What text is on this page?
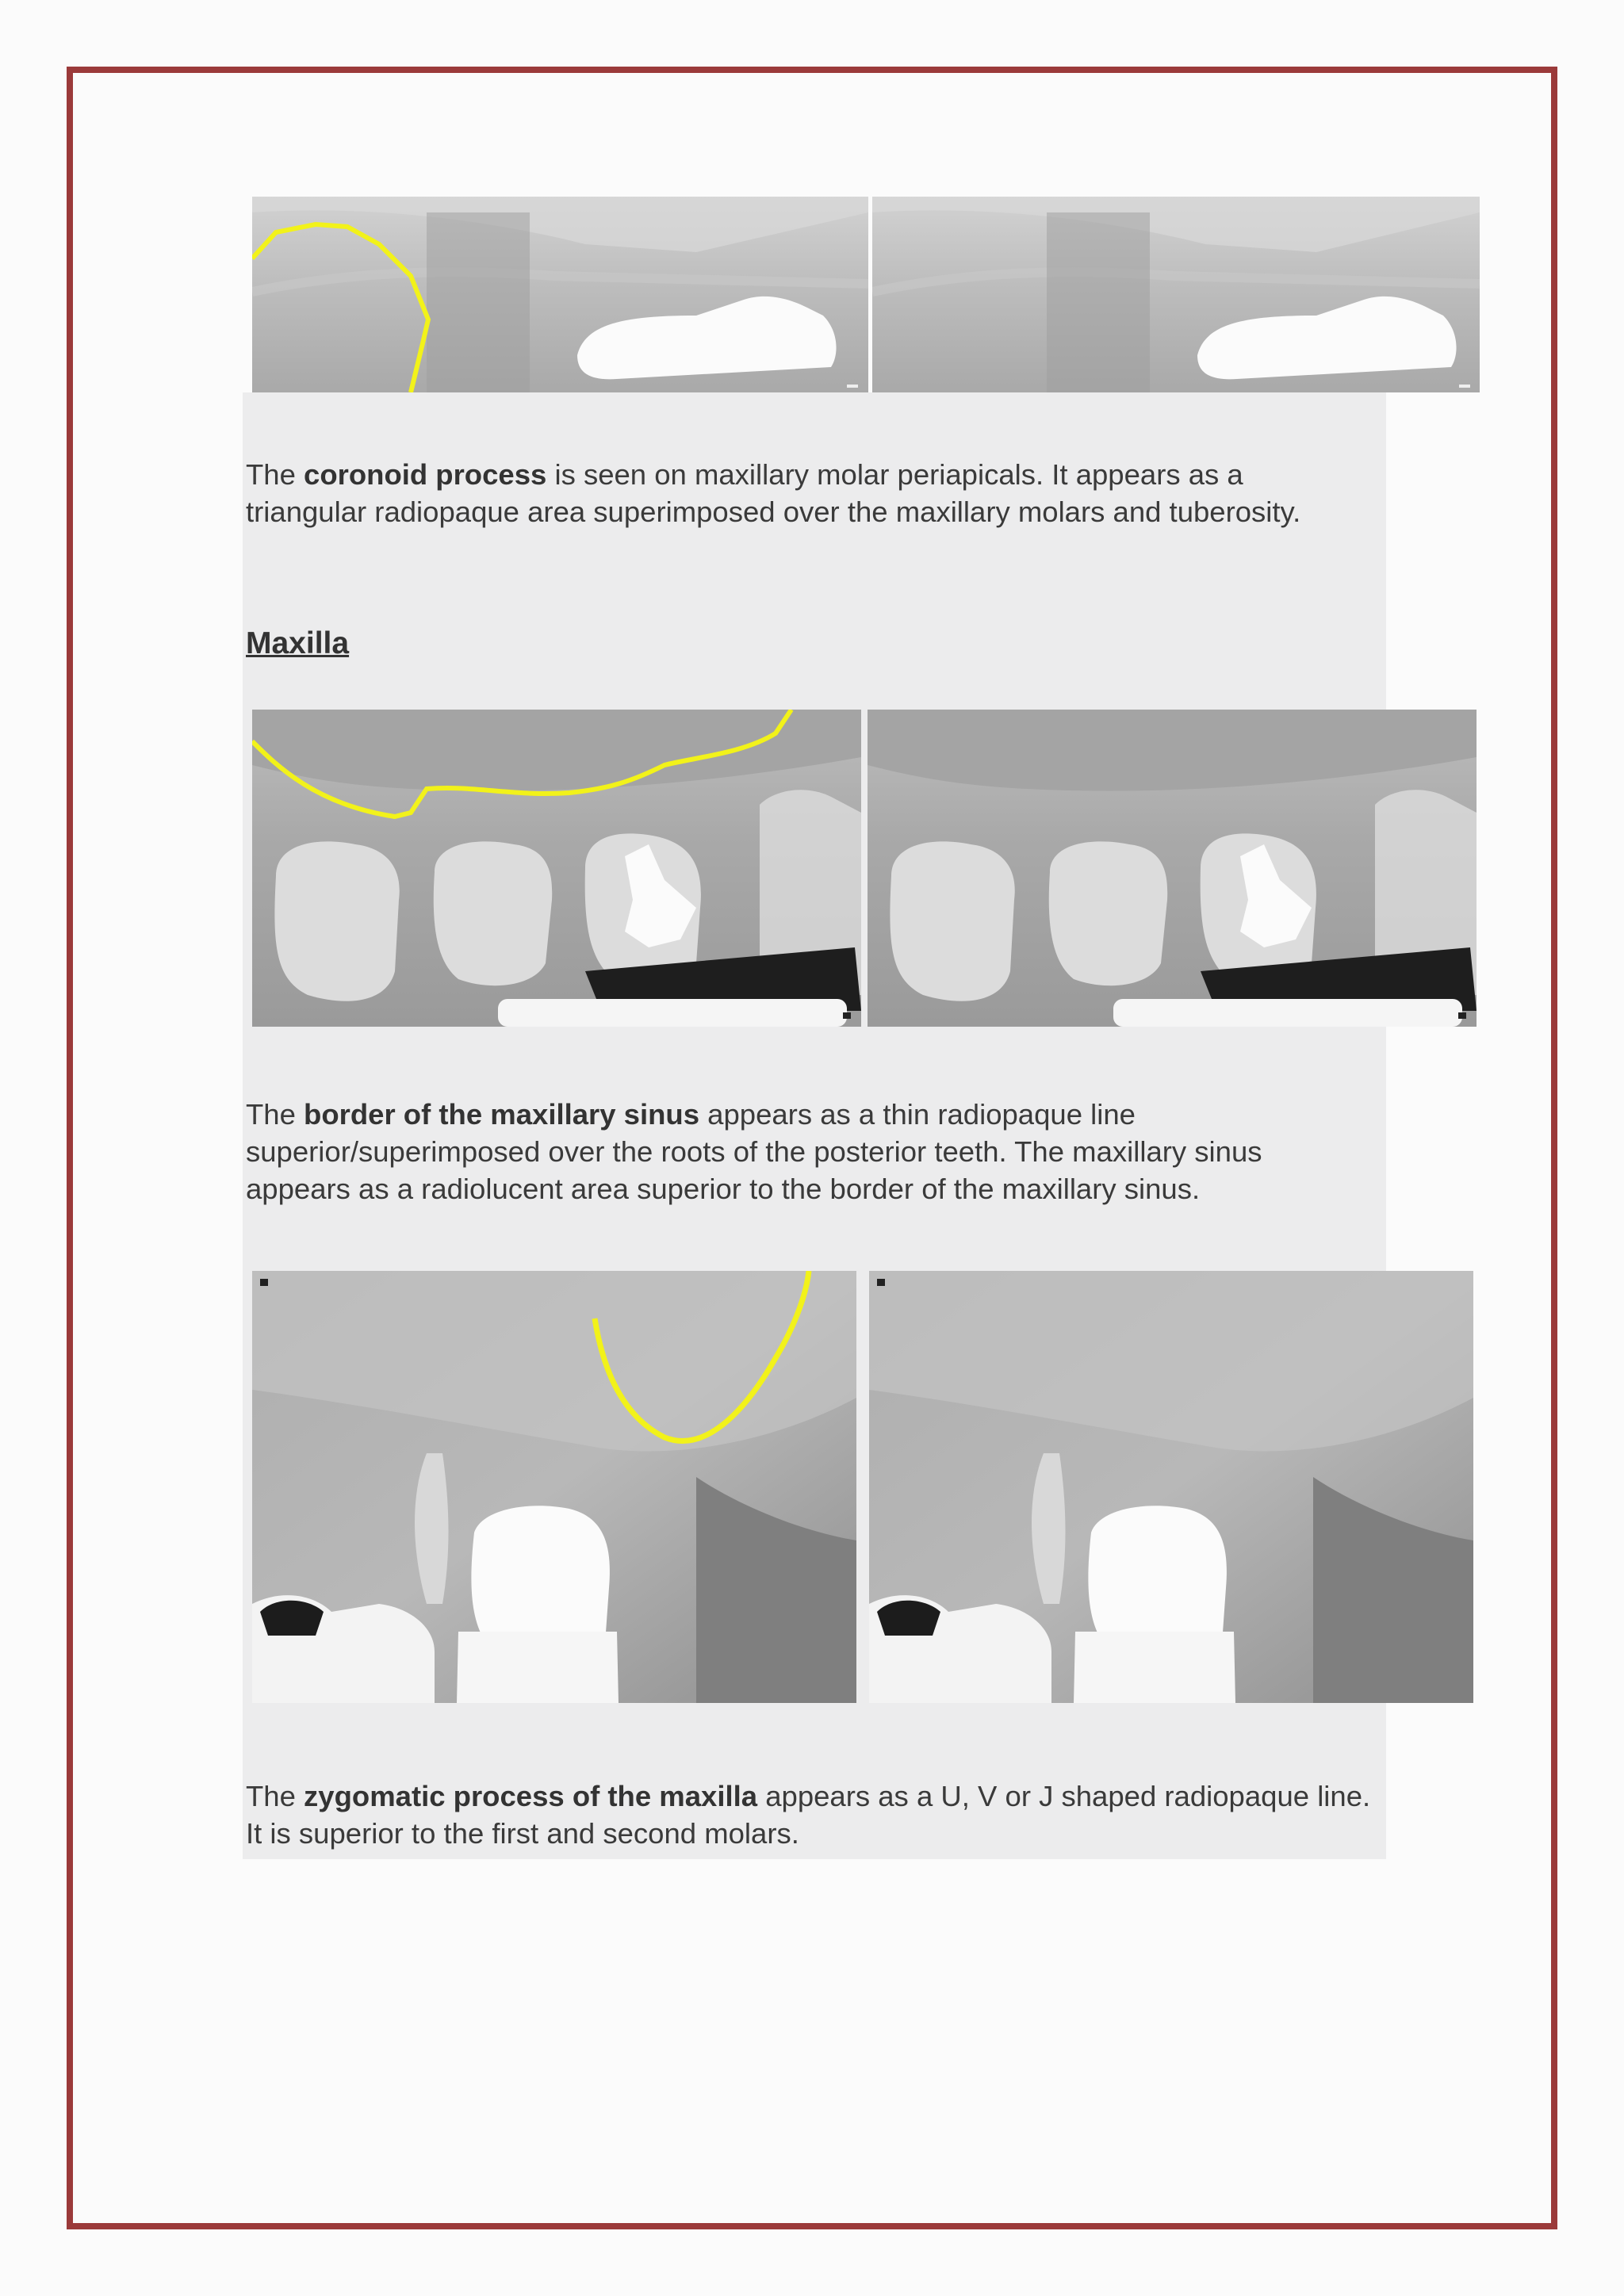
The coronoid process is seen on maxillary molar periapicals. It appears as a triangular radiopaque area superimposed over the maxillary molars and tuberosity.

Maxilla

The border of the maxillary sinus appears as a thin radiopaque line superior/superimposed over the roots of the posterior teeth. The maxillary sinus appears as a radiolucent area superior to the border of the maxillary sinus.

The zygomatic process of the maxilla appears as a U, V or J shaped radiopaque line. It is superior to the first and second molars.
